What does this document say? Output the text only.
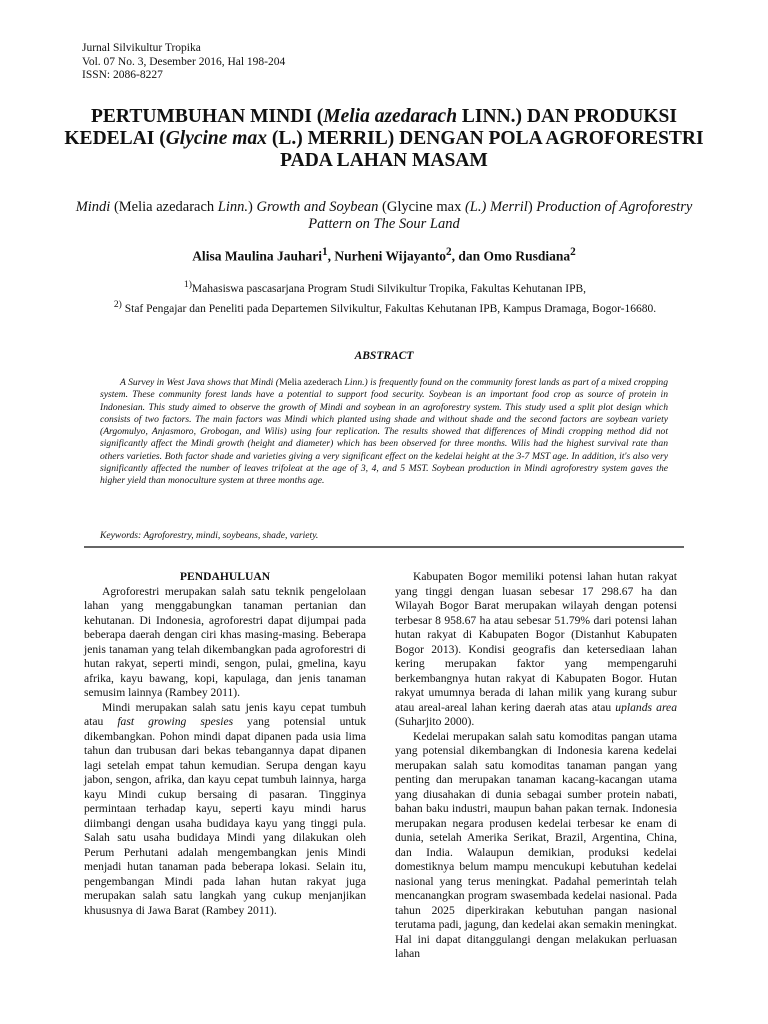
Jurnal Silvikultur Tropika
Vol. 07 No. 3, Desember 2016, Hal 198-204
ISSN: 2086-8227
PERTUMBUHAN MINDI (Melia azedarach LINN.) DAN PRODUKSI KEDELAI (Glycine max (L.) MERRIL) DENGAN POLA AGROFORESTRI PADA LAHAN MASAM
Mindi (Melia azedarach Linn.) Growth and Soybean (Glycine max (L.) Merril) Production of Agroforestry Pattern on The Sour Land
Alisa Maulina Jauhari$^1$, Nurheni Wijayanto$^2$, dan Omo Rusdiana$^2$
$^{1)}$Mahasiswa pascasarjana Program Studi Silvikultur Tropika, Fakultas Kehutanan IPB,
$^{2)}$ Staf Pengajar dan Peneliti pada Departemen Silvikultur, Fakultas Kehutanan IPB, Kampus Dramaga, Bogor-16680.
ABSTRACT
A Survey in West Java shows that Mindi (Melia azederach Linn.) is frequently found on the community forest lands as part of a mixed cropping system. These community forest lands have a potential to support food security. Soybean is an important food crop as source of protein in Indonesian. This study aimed to observe the growth of Mindi and soybean in an agroforestry system. This study used a split plot design which consists of two factors. The main factors was Mindi which planted using shade and without shade and the second factors are soybean variety (Argomulyo, Anjasmoro, Grobogan, and Wilis) using four replication. The results showed that differences of Mindi cropping method did not significantly affect the Mindi growth (height and diameter) which has been observed for three months. Wilis had the highest survival rate than others varieties. Both factor shade and varieties giving a very significant effect on the kedelai height at the 3-7 MST age. In addition, it's also very significantly affected the number of leaves trifoleat at the age of 3, 4, and 5 MST. Soybean production in Mindi agroforestry system gaves the higher yield than monoculture system at three months age.
Keywords: Agroforestry, mindi, soybeans, shade, variety.

PENDAHULUAN

Agroforestri merupakan salah satu teknik pengelolaan lahan yang menggabungkan tanaman pertanian dan kehutanan. Di Indonesia, agroforestri dapat dijumpai pada beberapa daerah dengan ciri khas masing-masing. Beberapa jenis tanaman yang telah dikembangkan pada agroforestri di hutan rakyat, seperti mindi, sengon, pulai, gmelina, kayu afrika, kayu bawang, kopi, kapulaga, dan jenis tanaman semusim lainnya (Rambey 2011).

Mindi merupakan salah satu jenis kayu cepat tumbuh atau fast growing spesies yang potensial untuk dikembangkan. Pohon mindi dapat dipanen pada usia lima tahun dan trubusan dari bekas tebangannya dapat dipanen lagi setelah empat tahun kemudian. Serupa dengan kayu jabon, sengon, afrika, dan kayu cepat tumbuh lainnya, harga kayu Mindi cukup bersaing di pasaran. Tingginya permintaan terhadap kayu, seperti kayu mindi harus diimbangi dengan usaha budidaya kayu yang tinggi pula. Salah satu usaha budidaya Mindi yang dilakukan oleh Perum Perhutani adalah mengembangkan jenis Mindi menjadi hutan tanaman pada beberapa lokasi. Selain itu, pengembangan Mindi pada lahan hutan rakyat juga merupakan salah satu langkah yang cukup menjanjikan khususnya di Jawa Barat (Rambey 2011).

Kabupaten Bogor memiliki potensi lahan hutan rakyat yang tinggi dengan luasan sebesar 17 298.67 ha dan Wilayah Bogor Barat merupakan wilayah dengan potensi terbesar 8 958.67 ha atau sebesar 51.79% dari potensi lahan hutan rakyat di Kabupaten Bogor (Distanhut Kabupaten Bogor 2013). Kondisi geografis dan ketersediaan lahan kering merupakan faktor yang mempengaruhi berkembangnya hutan rakyat di Kabupaten Bogor. Hutan rakyat umumnya berada di lahan milik yang kurang subur atau areal-areal lahan kering daerah atas atau uplands area (Suharjito 2000).

Kedelai merupakan salah satu komoditas pangan utama yang potensial dikembangkan di Indonesia karena kedelai merupakan salah satu komoditas tanaman pangan yang penting dan merupakan tanaman kacang-kacangan utama yang diusahakan di dunia sebagai sumber protein nabati, bahan baku industri, maupun bahan pakan ternak. Indonesia merupakan negara produsen kedelai terbesar ke enam di dunia, setelah Amerika Serikat, Brazil, Argentina, China, dan India. Walaupun demikian, produksi kedelai domestiknya belum mampu mencukupi kebutuhan kedelai nasional yang terus meningkat. Padahal pemerintah telah mencanangkan program swasembada kedelai nasional. Pada tahun 2025 diperkirakan kebutuhan pangan nasional terutama padi, jagung, dan kedelai akan semakin meningkat. Hal ini dapat ditanggulangi dengan melakukan perluasan lahan
